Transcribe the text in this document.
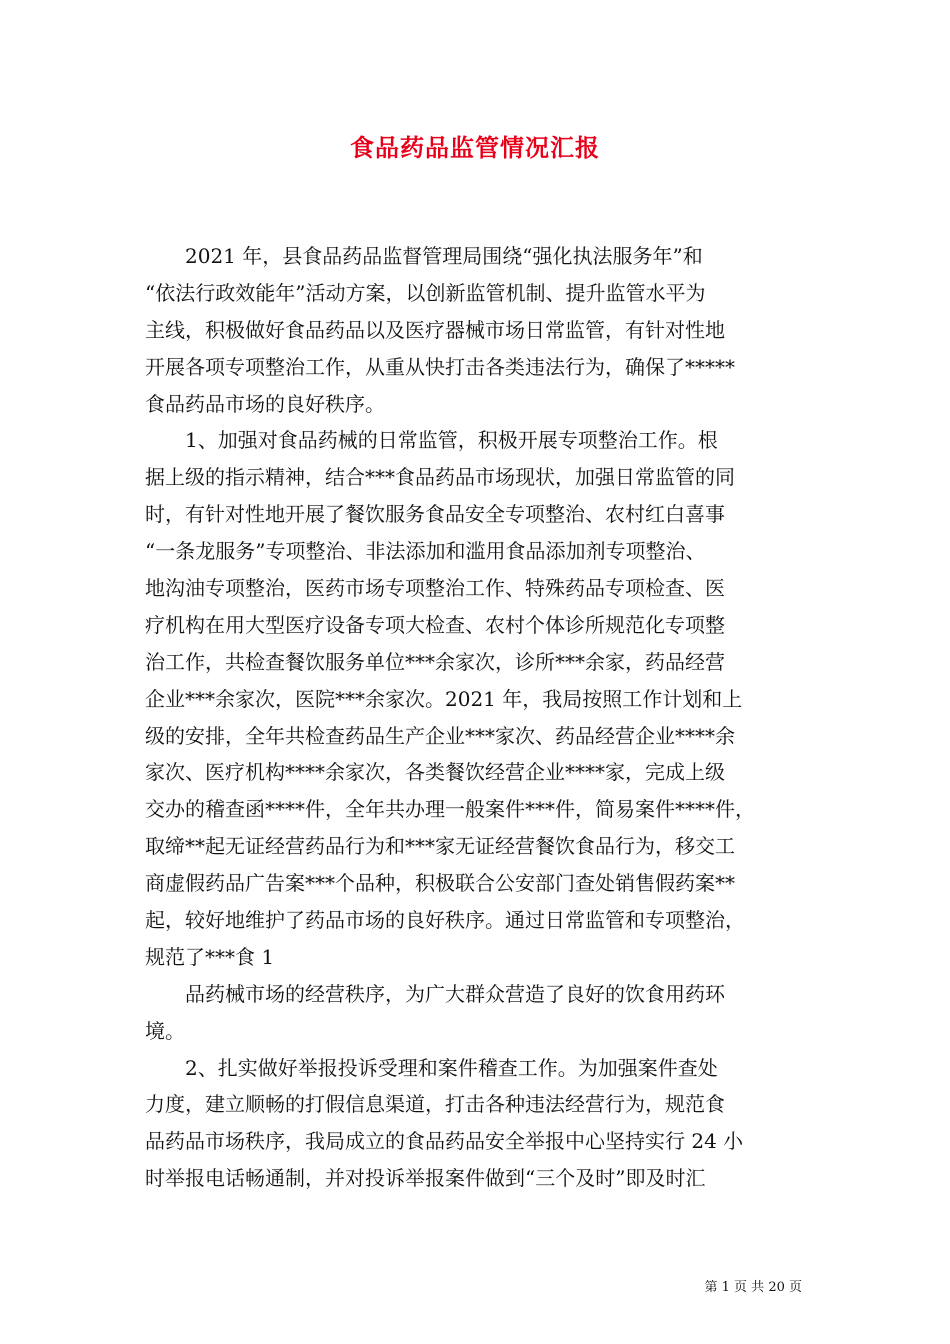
食品药品监管情况汇报
　　2021 年，县食品药品监督管理局围绕“强化执法服务年”和
“依法行政效能年”活动方案，以创新监管机制、提升监管水平为
主线，积极做好食品药品以及医疗器械市场日常监管，有针对性地
开展各项专项整治工作，从重从快打击各类违法行为，确保了*****
食品药品市场的良好秩序。
　　1、加强对食品药械的日常监管，积极开展专项整治工作。根
据上级的指示精神，结合***食品药品市场现状，加强日常监管的同
时，有针对性地开展了餐饮服务食品安全专项整治、农村红白喜事
“一条龙服务”专项整治、非法添加和滥用食品添加剂专项整治、
地沟油专项整治，医药市场专项整治工作、特殊药品专项检查、医
疗机构在用大型医疗设备专项大检查、农村个体诊所规范化专项整
治工作，共检查餐饮服务单位***余家次，诊所***余家，药品经营
企业***余家次，医院***余家次。2021 年，我局按照工作计划和上
级的安排，全年共检查药品生产企业***家次、药品经营企业****余
家次、医疗机构****余家次，各类餐饮经营企业****家，完成上级
交办的稽查函****件，全年共办理一般案件***件，简易案件****件，
取缔**起无证经营药品行为和***家无证经营餐饮食品行为，移交工
商虚假药品广告案***个品种，积极联合公安部门查处销售假药案**
起，较好地维护了药品市场的良好秩序。通过日常监管和专项整治，
规范了***食 1
　　品药械市场的经营秩序，为广大群众营造了良好的饮食用药环
境。
　　2、扎实做好举报投诉受理和案件稽查工作。为加强案件查处
力度，建立顺畅的打假信息渠道，打击各种违法经营行为，规范食
品药品市场秩序，我局成立的食品药品安全举报中心坚持实行 24 小
时举报电话畅通制，并对投诉举报案件做到“三个及时”即及时汇
第 1 页 共 20 页
